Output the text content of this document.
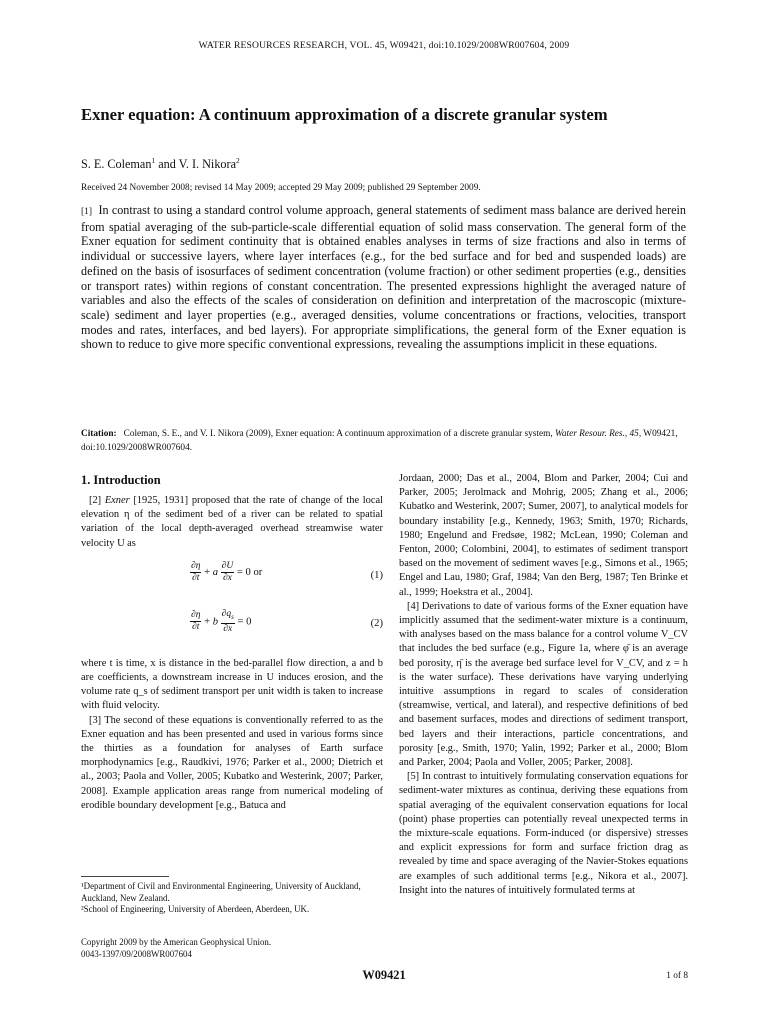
WATER RESOURCES RESEARCH, VOL. 45, W09421, doi:10.1029/2008WR007604, 2009
Exner equation: A continuum approximation of a discrete granular system
S. E. Coleman$^1$ and V. I. Nikora$^2$
Received 24 November 2008; revised 14 May 2009; accepted 29 May 2009; published 29 September 2009.
[1] In contrast to using a standard control volume approach, general statements of sediment mass balance are derived herein from spatial averaging of the sub-particle-scale differential equation of solid mass conservation. The general form of the Exner equation for sediment continuity that is obtained enables analyses in terms of size fractions and also in terms of individual or successive layers, where layer interfaces (e.g., for the bed surface and for bed and suspended loads) are defined on the basis of isosurfaces of sediment concentration (volume fraction) or other sediment properties (e.g., densities or transport rates) within regions of constant concentration. The presented expressions highlight the averaged nature of variables and also the effects of the scales of consideration on definition and interpretation of the macroscopic (mixture-scale) sediment and layer properties (e.g., averaged densities, volume concentrations or fractions, velocities, transport modes and rates, interfaces, and bed layers). For appropriate simplifications, the general form of the Exner equation is shown to reduce to give more specific conventional expressions, revealing the assumptions implicit in these equations.
Citation: Coleman, S. E., and V. I. Nikora (2009), Exner equation: A continuum approximation of a discrete granular system, Water Resour. Res., 45, W09421, doi:10.1029/2008WR007604.
1. Introduction

[2] Exner [1925, 1931] proposed that the rate of change of the local elevation η of the sediment bed of a river can be related to spatial variation of the local depth-averaged overhead streamwise water velocity U as

$\frac{\partial\eta}{\partial t} + a \frac{\partial U}{\partial x} = 0$ or	(1)
$\frac{\partial\eta}{\partial t} + b \frac{\partial q_s}{\partial x} = 0$	(2)

where t is time, x is distance in the bed-parallel flow direction, a and b are coefficients, a downstream increase in U induces erosion, and the volume rate q_s of sediment transport per unit width is taken to increase with fluid velocity.

[3] The second of these equations is conventionally referred to as the Exner equation and has been presented and used in various forms since the thirties as a foundation for analyses of Earth surface morphodynamics [e.g., Raudkivi, 1976; Parker et al., 2000; Dietrich et al., 2003; Paola and Voller, 2005; Kubatko and Westerink, 2007; Parker, 2008]. Example application areas range from numerical modeling of erodible boundary development [e.g., Batuca and

Jordaan, 2000; Das et al., 2004, Blom and Parker, 2004; Cui and Parker, 2005; Jerolmack and Mohrig, 2005; Zhang et al., 2006; Kubatko and Westerink, 2007; Sumer, 2007], to analytical models for boundary instability [e.g., Kennedy, 1963; Smith, 1970; Richards, 1980; Engelund and Fredsøe, 1982; McLean, 1990; Coleman and Fenton, 2000; Colombini, 2004], to estimates of sediment transport based on the movement of sediment waves [e.g., Simons et al., 1965; Engel and Lau, 1980; Graf, 1984; Van den Berg, 1987; Ten Brinke et al., 1999; Hoekstra et al., 2004].

[4] Derivations to date of various forms of the Exner equation have implicitly assumed that the sediment-water mixture is a continuum, with analyses based on the mass balance for a control volume V_CV that includes the bed surface (e.g., Figure 1a, where φ̄ is an average bed porosity, η̄ is the average bed surface level for V_CV, and z = h is the water surface). These derivations have varying underlying intuitive assumptions in regard to scales of consideration (streamwise, vertical, and lateral), and respective definitions of bed and basement surfaces, modes and directions of sediment transport, bed layers and their interactions, particle concentrations, and porosity [e.g., Smith, 1970; Yalin, 1992; Parker et al., 2000; Blom and Parker, 2004; Paola and Voller, 2005; Parker, 2008].

[5] In contrast to intuitively formulating conservation equations for sediment-water mixtures as continua, deriving these equations from spatial averaging of the equivalent conservation equations for local (point) phase properties can potentially reveal unexpected terms in the mixture-scale equations. Form-induced (or dispersive) stresses and explicit expressions for form and surface friction drag as revealed by time and space averaging of the Navier-Stokes equations are examples of such additional terms [e.g., Nikora et al., 2007]. Insight into the natures of intuitively formulated terms at

¹Department of Civil and Environmental Engineering, University of Auckland, Auckland, New Zealand.
²School of Engineering, University of Aberdeen, Aberdeen, UK.
Copyright 2009 by the American Geophysical Union.
0043-1397/09/2008WR007604
W09421	1 of 8
